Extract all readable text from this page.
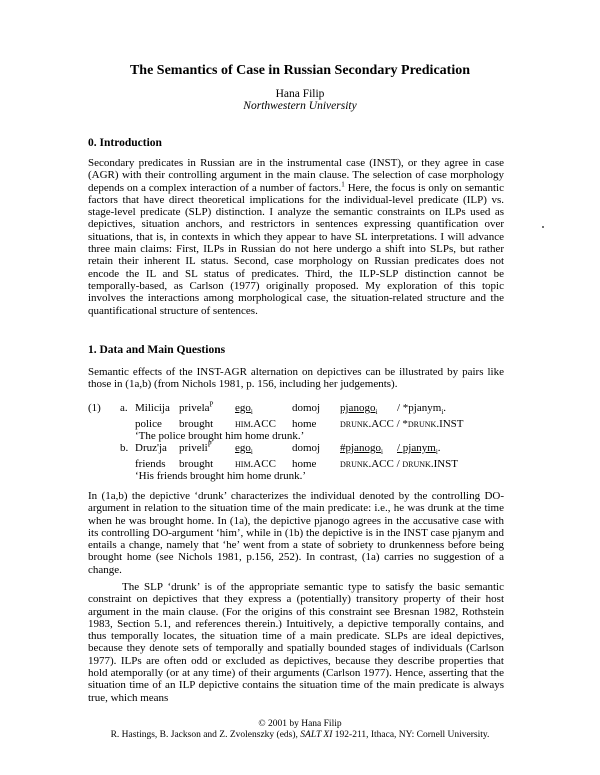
The Semantics of Case in Russian Secondary Predication
Hana Filip
Northwestern University
0. Introduction

Secondary predicates in Russian are in the instrumental case (INST), or they agree in case (AGR) with their controlling argument in the main clause. The selection of case morphology depends on a complex interaction of a number of factors.$^1$ Here, the focus is only on semantic factors that have direct theoretical implications for the individual-level predicate (ILP) vs. stage-level predicate (SLP) distinction. I analyze the semantic constraints on ILPs used as depictives, situation anchors, and restrictors in sentences expressing quantification over situations, that is, in contexts in which they appear to have SL interpretations. I will advance three main claims: First, ILPs in Russian do not here undergo a shift into SLPs, but rather retain their inherent IL status. Second, case morphology on Russian predicates does not encode the IL and SL status of predicates. Third, the ILP-SLP distinction cannot be temporally-based, as Carlson (1977) originally proposed. My exploration of this topic involves the interactions among morphological case, the situation-related structure and the quantificational structure of sentences.

1. Data and Main Questions

Semantic effects of the INST-AGR alternation on depictives can be illustrated by pairs like those in (1a,b) (from Nichols 1981, p. 156, including her judgements).

(1) a. Milicija privela$^P$ ego$_i$	domoj pjanogo$_i$ / *pjanym$_i$.
police brought him.ACC home drunk.ACC / *drunk.INST
‘The police brought him home drunk.’
b. Druz'ja priveli$^P$ ego$_i$	domoj #pjanogo$_i$ / pjanym$_i$.
friends brought him.ACC home drunk.ACC / drunk.INST
‘His friends brought him home drunk.’

In (1a,b) the depictive ‘drunk’ characterizes the individual denoted by the controlling DO-argument in relation to the situation time of the main predicate: i.e., he was drunk at the time when he was brought home. In (1a), the depictive pjanogo agrees in the accusative case with its controlling DO-argument ‘him’, while in (1b) the depictive is in the INST case pjanym and entails a change, namely that ‘he’ went from a state of sobriety to drunkenness before being brought home (see Nichols 1981, p.156, 252). In contrast, (1a) carries no suggestion of a change.

The SLP ‘drunk’ is of the appropriate semantic type to satisfy the basic semantic constraint on depictives that they express a (potentially) transitory property of their host argument in the main clause. (For the origins of this constraint see Bresnan 1982, Rothstein 1983, Section 5.1, and references therein.) Intuitively, a depictive temporally contains, and thus temporally locates, the situation time of a main predicate. SLPs are ideal depictives, because they denote sets of temporally and spatially bounded stages of individuals (Carlson 1977). ILPs are often odd or excluded as depictives, because they describe properties that hold atemporally (or at any time) of their arguments (Carlson 1977). Hence, asserting that the situation time of an ILP depictive contains the situation time of the main predicate is always true, which means

© 2001 by Hana Filip
R. Hastings, B. Jackson and Z. Zvolenszky (eds), SALT XI 192-211, Ithaca, NY: Cornell University.
